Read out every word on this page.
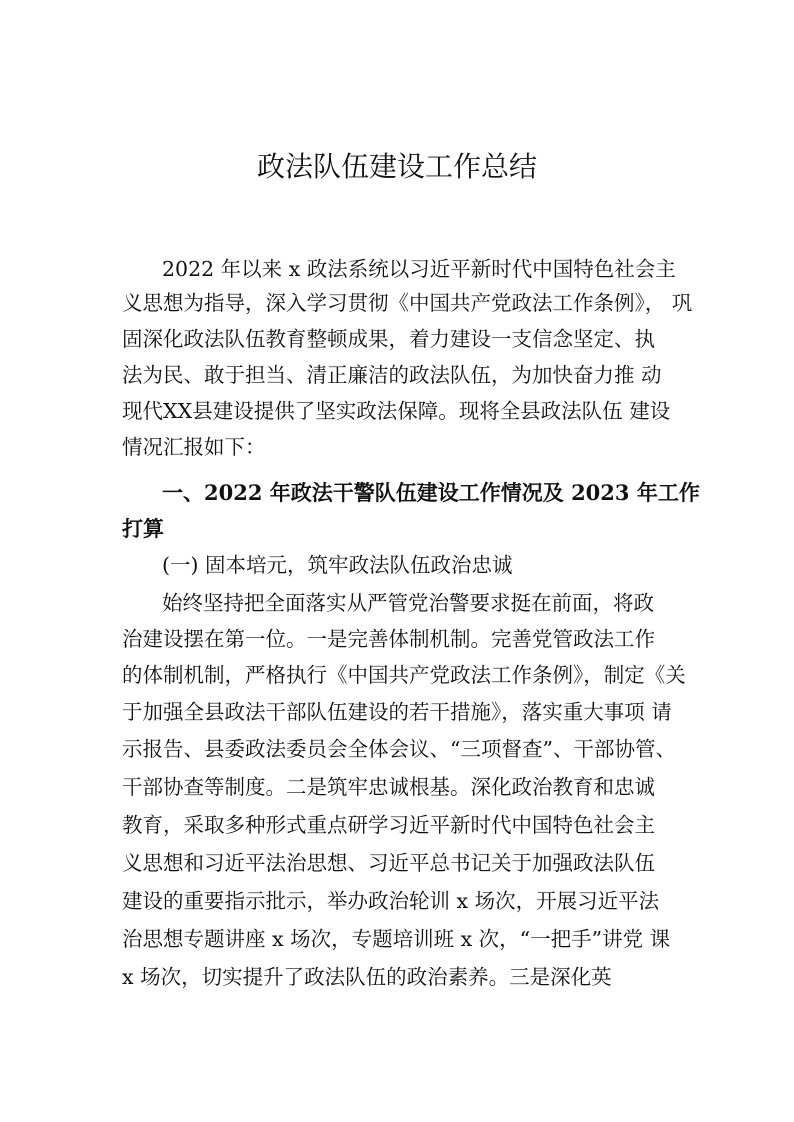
政法队伍建设工作总结
2022 年以来 x 政法系统以习近平新时代中国特色社会主
义思想为指导，深入学习贯彻《中国共产党政法工作条例》， 巩
固深化政法队伍教育整顿成果，着力建设一支信念坚定、执
法为民、敢于担当、清正廉洁的政法队伍，为加快奋力推 动
现代XX县建设提供了坚实政法保障。现将全县政法队伍 建设
情况汇报如下：
一、2022 年政法干警队伍建设工作情况及 2023 年工作
打算
(一) 固本培元，筑牢政法队伍政治忠诚
始终坚持把全面落实从严管党治警要求挺在前面，将政
治建设摆在第一位。一是完善体制机制。完善党管政法工作
的体制机制，严格执行《中国共产党政法工作条例》，制定《关
于加强全县政法干部队伍建设的若干措施》，落实重大事项 请
示报告、县委政法委员会全体会议、“三项督查”、干部协管、
干部协查等制度。二是筑牢忠诚根基。深化政治教育和忠诚
教育，采取多种形式重点研学习近平新时代中国特色社会主
义思想和习近平法治思想、习近平总书记关于加强政法队伍
建设的重要指示批示，举办政治轮训 x 场次，开展习近平法
治思想专题讲座 x 场次，专题培训班 x 次，“一把手”讲党 课
x 场次，切实提升了政法队伍的政治素养。三是深化英
